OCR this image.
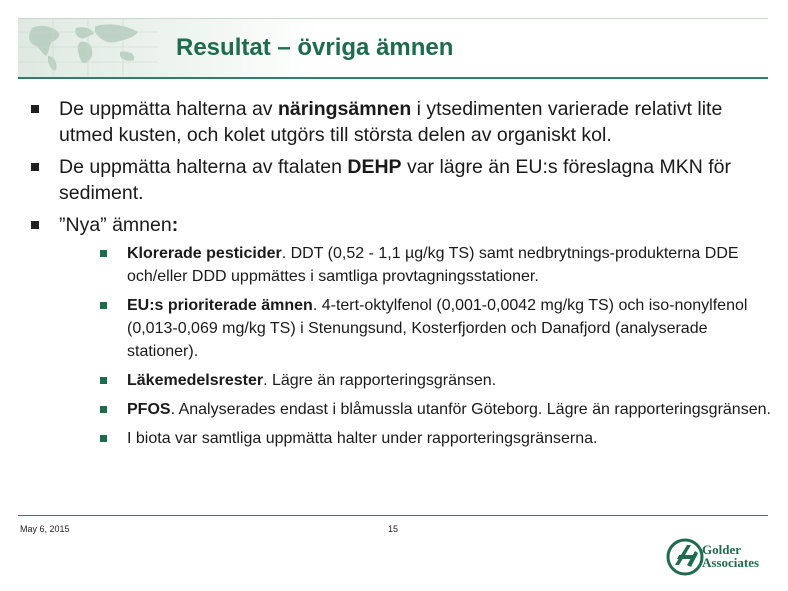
Resultat – övriga ämnen
De uppmätta halterna av näringsämnen i ytsedimenten varierade relativt lite utmed kusten, och kolet utgörs till största delen av organiskt kol.
De uppmätta halterna av ftalaten DEHP var lägre än EU:s föreslagna MKN för sediment.
”Nya” ämnen:
Klorerade pesticider. DDT (0,52 - 1,1 µg/kg TS) samt nedbrytnings-produkterna DDE och/eller DDD uppmättes i samtliga provtagningsstationer.
EU:s prioriterade ämnen. 4-tert-oktylfenol (0,001-0,0042 mg/kg TS) och iso-nonylfenol (0,013-0,069 mg/kg TS) i Stenungsund, Kosterfjorden och Danafjord (analyserade stationer).
Läkemedelsrester. Lägre än rapporteringsgränsen.
PFOS. Analyserades endast i blåmussla utanför Göteborg. Lägre än rapporteringsgränsen.
I biota var samtliga uppmätta halter under rapporteringsgränserna.
May 6, 2015	15
Golder
Associates
